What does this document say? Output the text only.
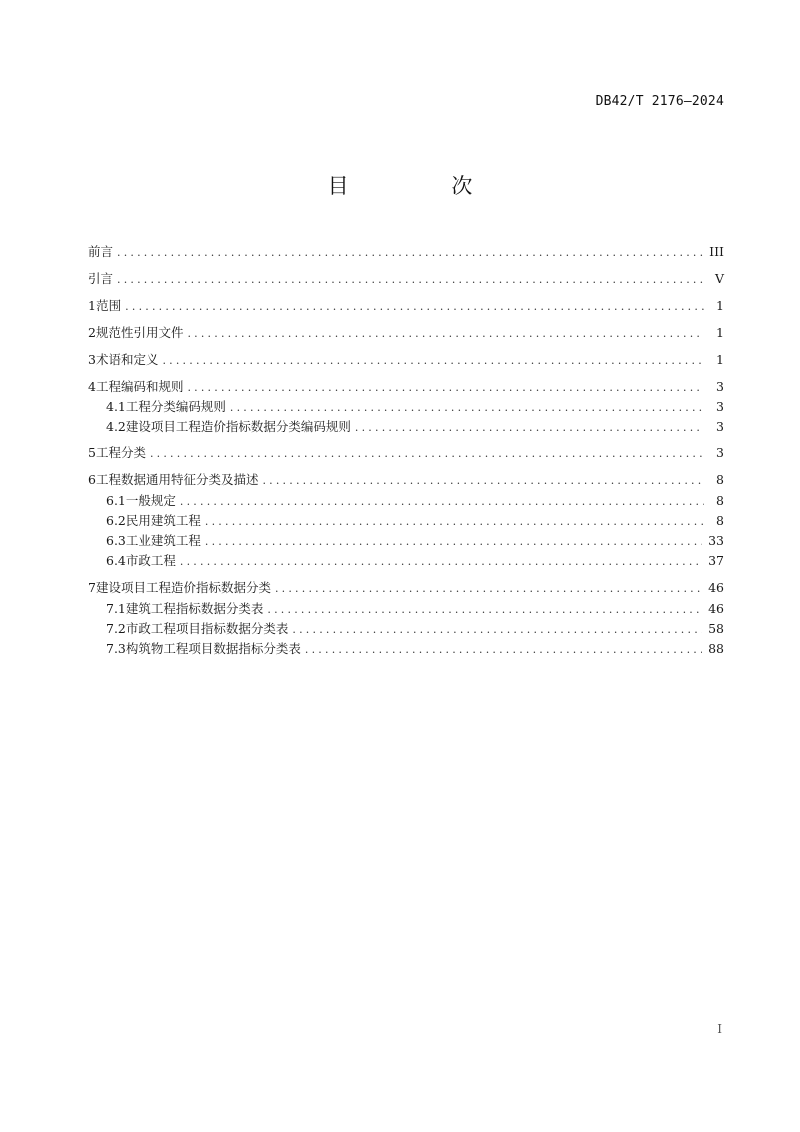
DB42/T 2176—2024
目 次
前言 .....	III
引言 .....	V
1 范围 .....	1
2 规范性引用文件 .....	1
3 术语和定义 .....	1
4 工程编码和规则 .....	3
4.1 工程分类编码规则 .....	3
4.2 建设项目工程造价指标数据分类编码规则 .....	3
5 工程分类 .....	3
6 工程数据通用特征分类及描述 .....	8
6.1 一般规定 .....	8
6.2 民用建筑工程 .....	8
6.3 工业建筑工程 .....	33
6.4 市政工程 .....	37
7 建设项目工程造价指标数据分类 .....	46
7.1 建筑工程指标数据分类表 .....	46
7.2 市政工程项目指标数据分类表 .....	58
7.3 构筑物工程项目数据指标分类表 .....	88
I
